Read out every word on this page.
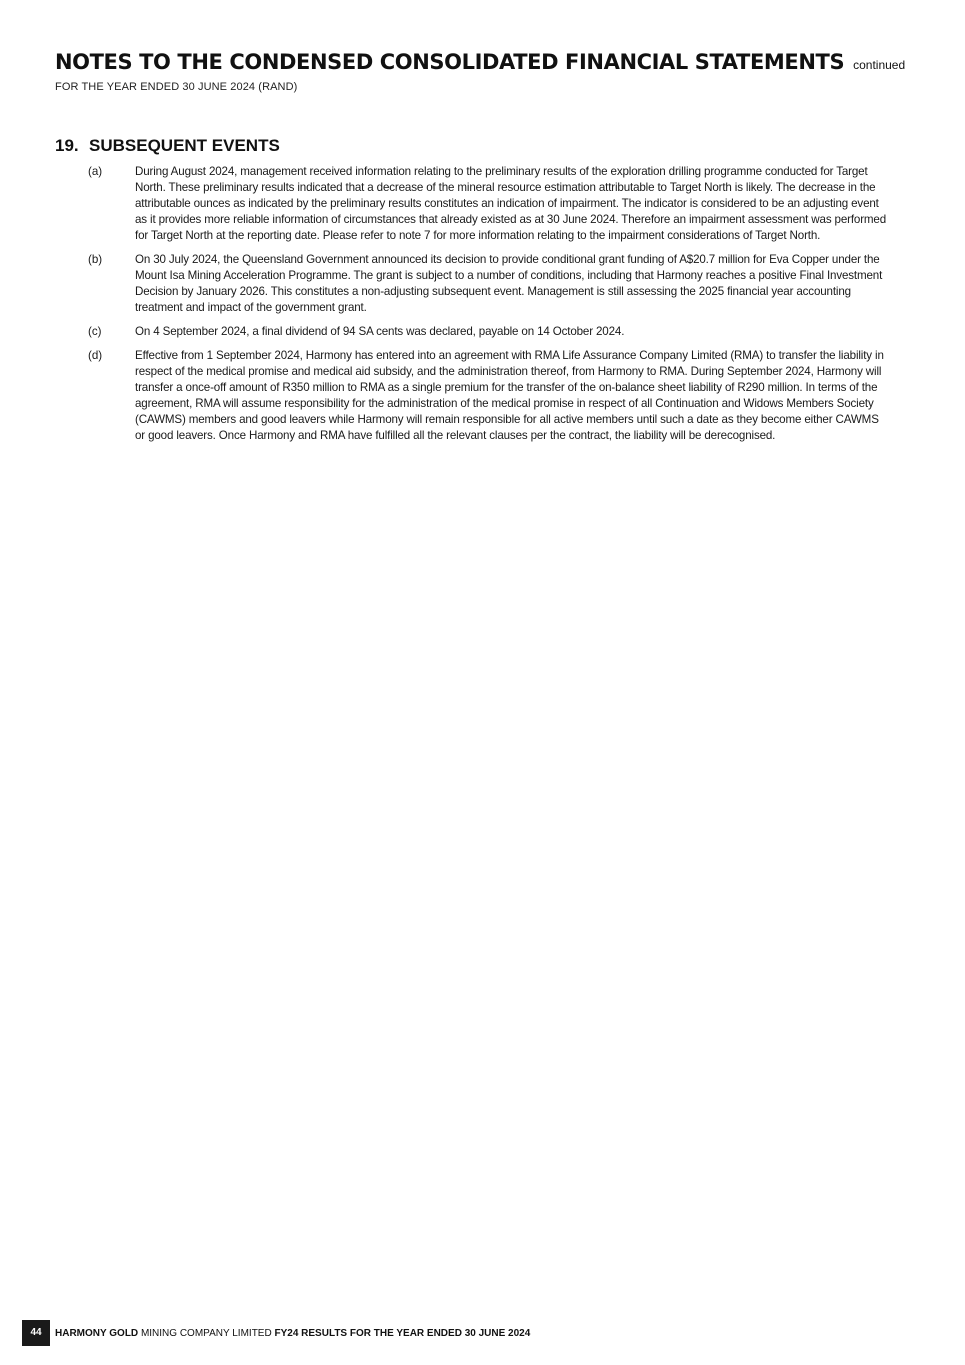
NOTES TO THE CONDENSED CONSOLIDATED FINANCIAL STATEMENTS continued
FOR THE YEAR ENDED 30 JUNE 2024 (RAND)
19. SUBSEQUENT EVENTS
(a)	During August 2024, management received information relating to the preliminary results of the exploration drilling programme conducted for Target North. These preliminary results indicated that a decrease of the mineral resource estimation attributable to Target North is likely. The decrease in the attributable ounces as indicated by the preliminary results constitutes an indication of impairment. The indicator is considered to be an adjusting event as it provides more reliable information of circumstances that already existed as at 30 June 2024. Therefore an impairment assessment was performed for Target North at the reporting date. Please refer to note 7 for more information relating to the impairment considerations of Target North.
(b)	On 30 July 2024, the Queensland Government announced its decision to provide conditional grant funding of A$20.7 million for Eva Copper under the Mount Isa Mining Acceleration Programme. The grant is subject to a number of conditions, including that Harmony reaches a positive Final Investment Decision by January 2026. This constitutes a non-adjusting subsequent event. Management is still assessing the 2025 financial year accounting treatment and impact of the government grant.
(c)	On 4 September 2024, a final dividend of 94 SA cents was declared, payable on 14 October 2024.
(d)	Effective from 1 September 2024, Harmony has entered into an agreement with RMA Life Assurance Company Limited (RMA) to transfer the liability in respect of the medical promise and medical aid subsidy, and the administration thereof, from Harmony to RMA. During September 2024, Harmony will transfer a once-off amount of R350 million to RMA as a single premium for the transfer of the on-balance sheet liability of R290 million. In terms of the agreement, RMA will assume responsibility for the administration of the medical promise in respect of all Continuation and Widows Members Society (CAWMS) members and good leavers while Harmony will remain responsible for all active members until such a date as they become either CAWMS or good leavers. Once Harmony and RMA have fulfilled all the relevant clauses per the contract, the liability will be derecognised.
44	HARMONY GOLD MINING COMPANY LIMITED FY24 RESULTS FOR THE YEAR ENDED 30 JUNE 2024
